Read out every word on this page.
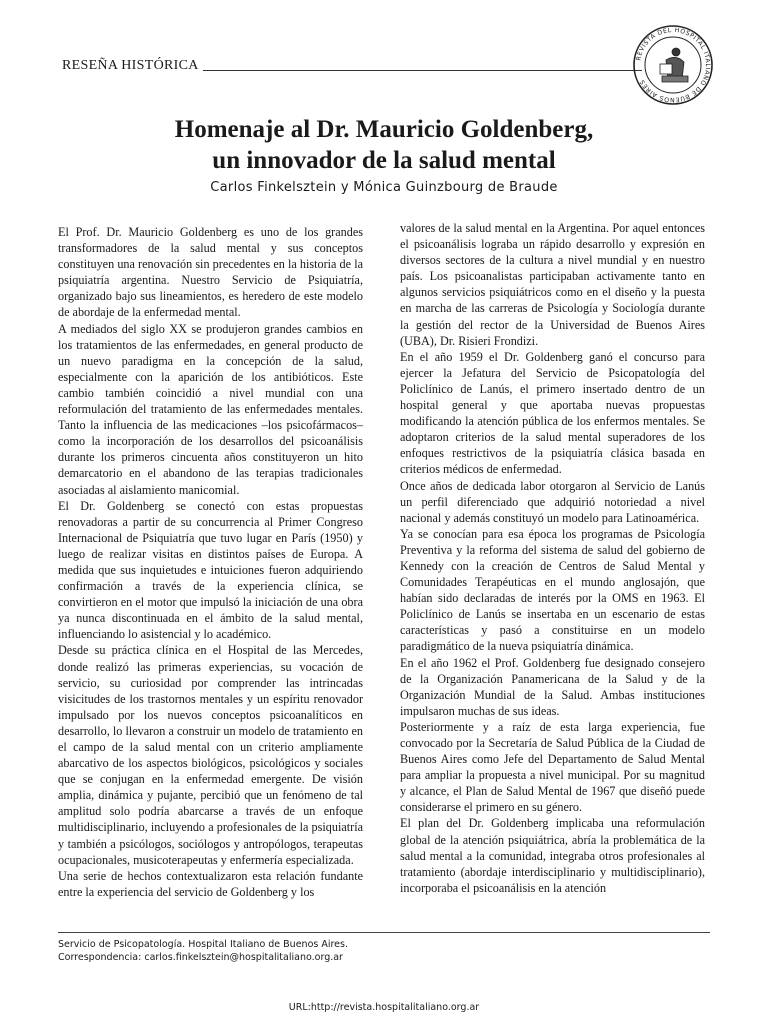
RESEÑA HISTÓRICA	REVISTA DEL HOSPITAL ITALIANO DE BUENOS AIRES
Homenaje al Dr. Mauricio Goldenberg,
un innovador de la salud mental
Carlos Finkelsztein y Mónica Guinzbourg de Braude

El Prof. Dr. Mauricio Goldenberg es uno de los grandes transformadores de la salud mental y sus conceptos constituyen una renovación sin precedentes en la historia de la psiquiatría argentina. Nuestro Servicio de Psiquiatría, organizado bajo sus lineamientos, es heredero de este modelo de abordaje de la enfermedad mental.

A mediados del siglo XX se produjeron grandes cambios en los tratamientos de las enfermedades, en general producto de un nuevo paradigma en la concepción de la salud, especialmente con la aparición de los antibióticos. Este cambio también coincidió a nivel mundial con una reformulación del tratamiento de las enfermedades mentales. Tanto la influencia de las medicaciones –los psicofármacos– como la incorporación de los desarrollos del psicoanálisis durante los primeros cincuenta años constituyeron un hito demarcatorio en el abandono de las terapias tradicionales asociadas al aislamiento manicomial.

El Dr. Goldenberg se conectó con estas propuestas renovadoras a partir de su concurrencia al Primer Congreso Internacional de Psiquiatría que tuvo lugar en París (1950) y luego de realizar visitas en distintos países de Europa. A medida que sus inquietudes e intuiciones fueron adquiriendo confirmación a través de la experiencia clínica, se convirtieron en el motor que impulsó la iniciación de una obra ya nunca discontinuada en el ámbito de la salud mental, influenciando lo asistencial y lo académico.

Desde su práctica clínica en el Hospital de las Mercedes, donde realizó las primeras experiencias, su vocación de servicio, su curiosidad por comprender las intrincadas visicitudes de los trastornos mentales y un espíritu renovador impulsado por los nuevos conceptos psicoanalíticos en desarrollo, lo llevaron a construir un modelo de tratamiento en el campo de la salud mental con un criterio ampliamente abarcativo de los aspectos biológicos, psicológicos y sociales que se conjugan en la enfermedad emergente. De visión amplia, dinámica y pujante, percibió que un fenómeno de tal amplitud solo podría abarcarse a través de un enfoque multidisciplinario, incluyendo a profesionales de la psiquiatría y también a psicólogos, sociólogos y antropólogos, terapeutas ocupacionales, musicoterapeutas y enfermería especializada.

Una serie de hechos contextualizaron esta relación fundante entre la experiencia del servicio de Goldenberg y los

valores de la salud mental en la Argentina. Por aquel entonces el psicoanálisis lograba un rápido desarrollo y expresión en diversos sectores de la cultura a nivel mundial y en nuestro país. Los psicoanalistas participaban activamente tanto en algunos servicios psiquiátricos como en el diseño y la puesta en marcha de las carreras de Psicología y Sociología durante la gestión del rector de la Universidad de Buenos Aires (UBA), Dr. Risieri Frondizi.

En el año 1959 el Dr. Goldenberg ganó el concurso para ejercer la Jefatura del Servicio de Psicopatología del Policlínico de Lanús, el primero insertado dentro de un hospital general y que aportaba nuevas propuestas modificando la atención pública de los enfermos mentales. Se adoptaron criterios de la salud mental superadores de los enfoques restrictivos de la psiquiatría clásica basada en criterios médicos de enfermedad.

Once años de dedicada labor otorgaron al Servicio de Lanús un perfil diferenciado que adquirió notoriedad a nivel nacional y además constituyó un modelo para Latinoamérica.

Ya se conocían para esa época los programas de Psicología Preventiva y la reforma del sistema de salud del gobierno de Kennedy con la creación de Centros de Salud Mental y Comunidades Terapéuticas en el mundo anglosajón, que habían sido declaradas de interés por la OMS en 1963. El Policlínico de Lanús se insertaba en un escenario de estas características y pasó a constituirse en un modelo paradigmático de la nueva psiquiatría dinámica.

En el año 1962 el Prof. Goldenberg fue designado consejero de la Organización Panamericana de la Salud y de la Organización Mundial de la Salud. Ambas instituciones impulsaron muchas de sus ideas.

Posteriormente y a raíz de esta larga experiencia, fue convocado por la Secretaría de Salud Pública de la Ciudad de Buenos Aires como Jefe del Departamento de Salud Mental para ampliar la propuesta a nivel municipal. Por su magnitud y alcance, el Plan de Salud Mental de 1967 que diseñó puede considerarse el primero en su género.

El plan del Dr. Goldenberg implicaba una reformulación global de la atención psiquiátrica, abría la problemática de la salud mental a la comunidad, integraba otros profesionales al tratamiento (abordaje interdisciplinario y multidisciplinario), incorporaba el psicoanálisis en la atención

Servicio de Psicopatología. Hospital Italiano de Buenos Aires.
Correspondencia: carlos.finkelsztein@hospitalitaliano.org.ar
URL:http://revista.hospitalitaliano.org.ar
